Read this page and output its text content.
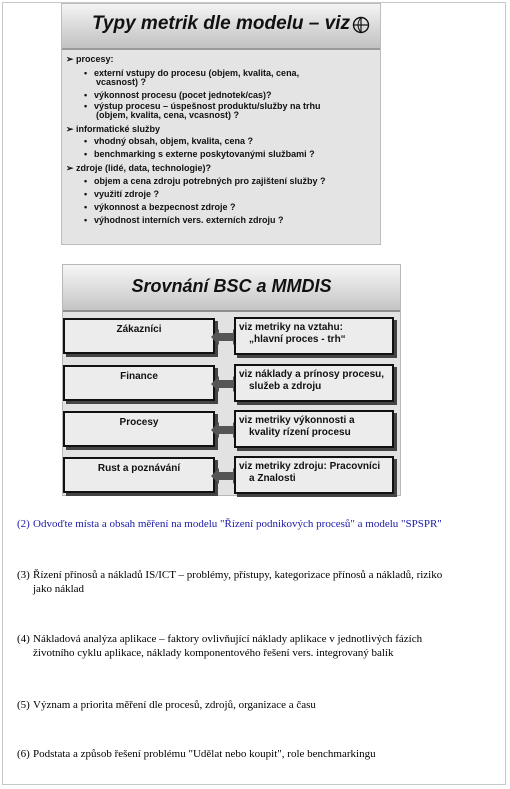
Typy metrik dle modelu – viz
➢ procesy:
• externí vstupy do procesu (objem, kvalita, cena,
vcasnost) ?
• výkonnost procesu (pocet jednotek/cas)?
• výstup procesu – úspešnost produktu/služby na trhu
(objem, kvalita, cena, vcasnost) ?
➢ informatické služby
• vhodný obsah, objem, kvalita, cena ?
• benchmarking s externe poskytovanými službami ?
➢ zdroje (lidé, data, technologie)?
• objem a cena zdroju potrebných pro zajištení služby ?
• využití zdroje ?
• výkonnost a bezpecnost zdroje ?
• výhodnost interních vers. externích zdroju ?
Srovnání BSC a MMDIS
Zákazníci	viz metriky na vztahu:
„hlavní proces - trh“
Finance	viz náklady a prínosy procesu,
služeb a zdroju
Procesy	viz metriky výkonnosti a
kvality rízení procesu
Rust a poznávání	viz metriky zdroju: Pracovníci
a Znalosti
(2) Odvoďte místa a obsah měření na modelu "Řízení podnikových procesů" a modelu "SPSPR"
(3) Řízení přínosů a nákladů IS/ICT – problémy, přístupy, kategorizace přínosů a nákladů, riziko
jako náklad
(4) Nákladová analýza aplikace – faktory ovlivňující náklady aplikace v jednotlivých fázích
životního cyklu aplikace, náklady komponentového řešení vers. integrovaný balík
(5) Význam a priorita měření dle procesů, zdrojů, organizace a času
(6) Podstata a způsob řešení problému "Udělat nebo koupit", role benchmarkingu
